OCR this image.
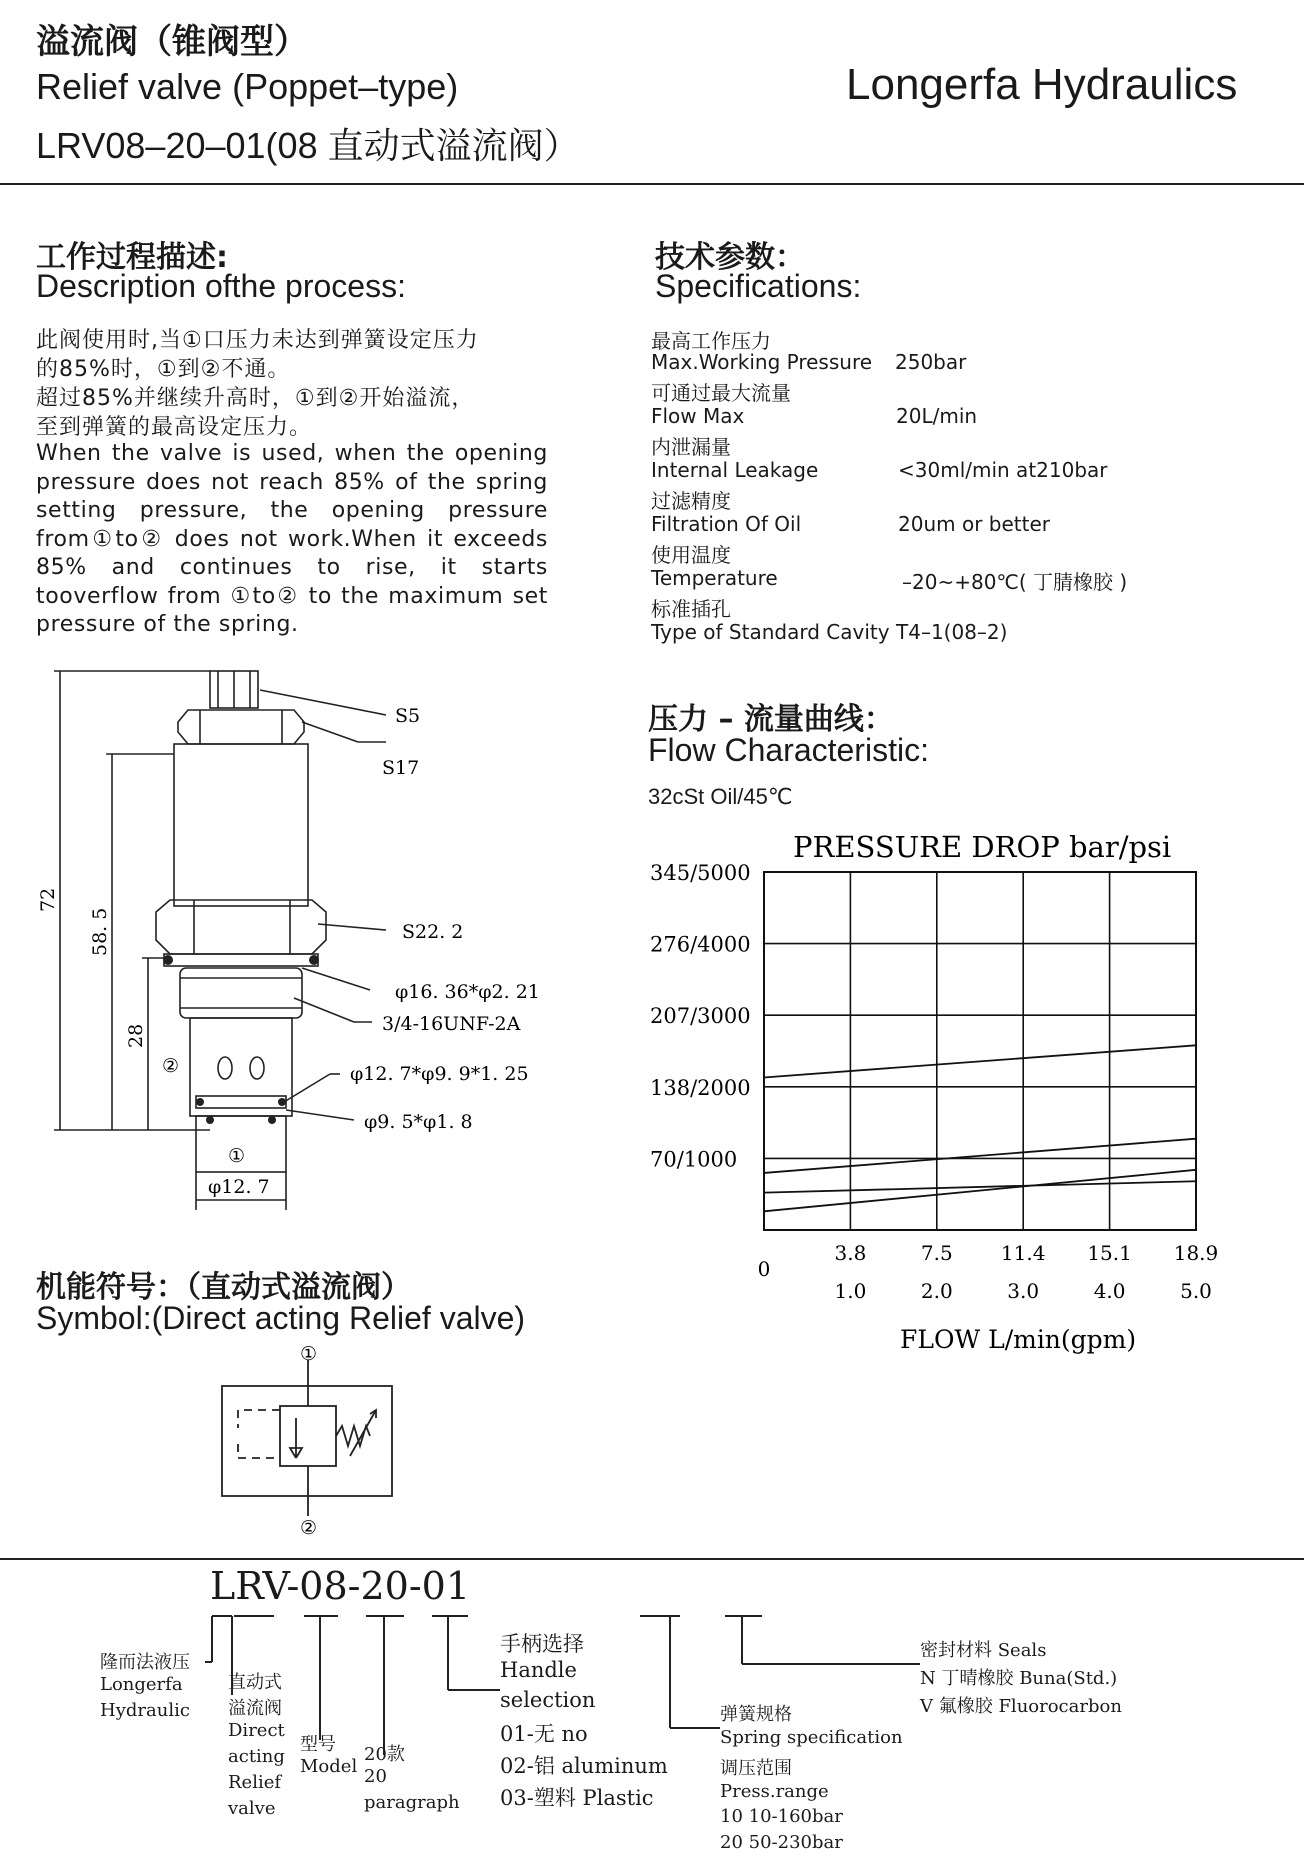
溢流阀（锥阀型）
Relief valve (Poppet–type)
LRV08–20–01(08 直动式溢流阀）
Longerfa Hydraulics
工作过程描述:
Description ofthe process:
此阀使用时,当①口压力未达到弹簧设定压力
的85%时，①到②不通。
超过85%并继续升高时，①到②开始溢流，
至到弹簧的最高设定压力。
When the valve is used, when the opening pressure does not reach 85% of the spring setting pressure, the opening pressure from①to② does not work.When it exceeds 85% and continues to rise, it starts tooverflow from ①to② to the maximum set pressure of the spring.
技术参数：
Specifications:
最高工作压力
Max.Working Pressure 250bar
可通过最大流量
Flow Max	20L/min
内泄漏量
Internal Leakage	<30ml/min at210bar
过滤精度
Filtration Of Oil	20um or better
使用温度
Temperature	–20~+80℃( 丁腈橡胶 )
标准插孔
Type of Standard Cavity T4–1(08–2)
S5
S17
S22. 2
φ16. 36*φ2. 21
3/4-16UNF-2A
φ12. 7*φ9. 9*1. 25
φ9. 5*φ1. 8
②
①
φ12. 7
72
58. 5
28
压力 – 流量曲线：
Flow Characteristic:
32cSt Oil/45℃
PRESSURE DROP bar/psi
345/5000
276/4000
207/3000
138/2000
70/1000
0
3.8
1.0
7.5
2.0
11.4
3.0
15.1
4.0
18.9
5.0
FLOW L/min(gpm)
机能符号：（直动式溢流阀）
Symbol:(Direct acting Relief valve)
①
②
LRV-08-20-01
隆而法液压
Longerfa
Hydraulic
直动式
溢流阀
Direct
acting
Relief
valve
型号
Model
20款
20
paragraph
手柄选择
Handle
selection
01-无 no
02-铝 aluminum
03-塑料 Plastic
弹簧规格
Spring specification
调压范围
Press.range
10 10-160bar
20 50-230bar
密封材料 Seals
N 丁晴橡胶 Buna(Std.)
V 氟橡胶 Fluorocarbon
